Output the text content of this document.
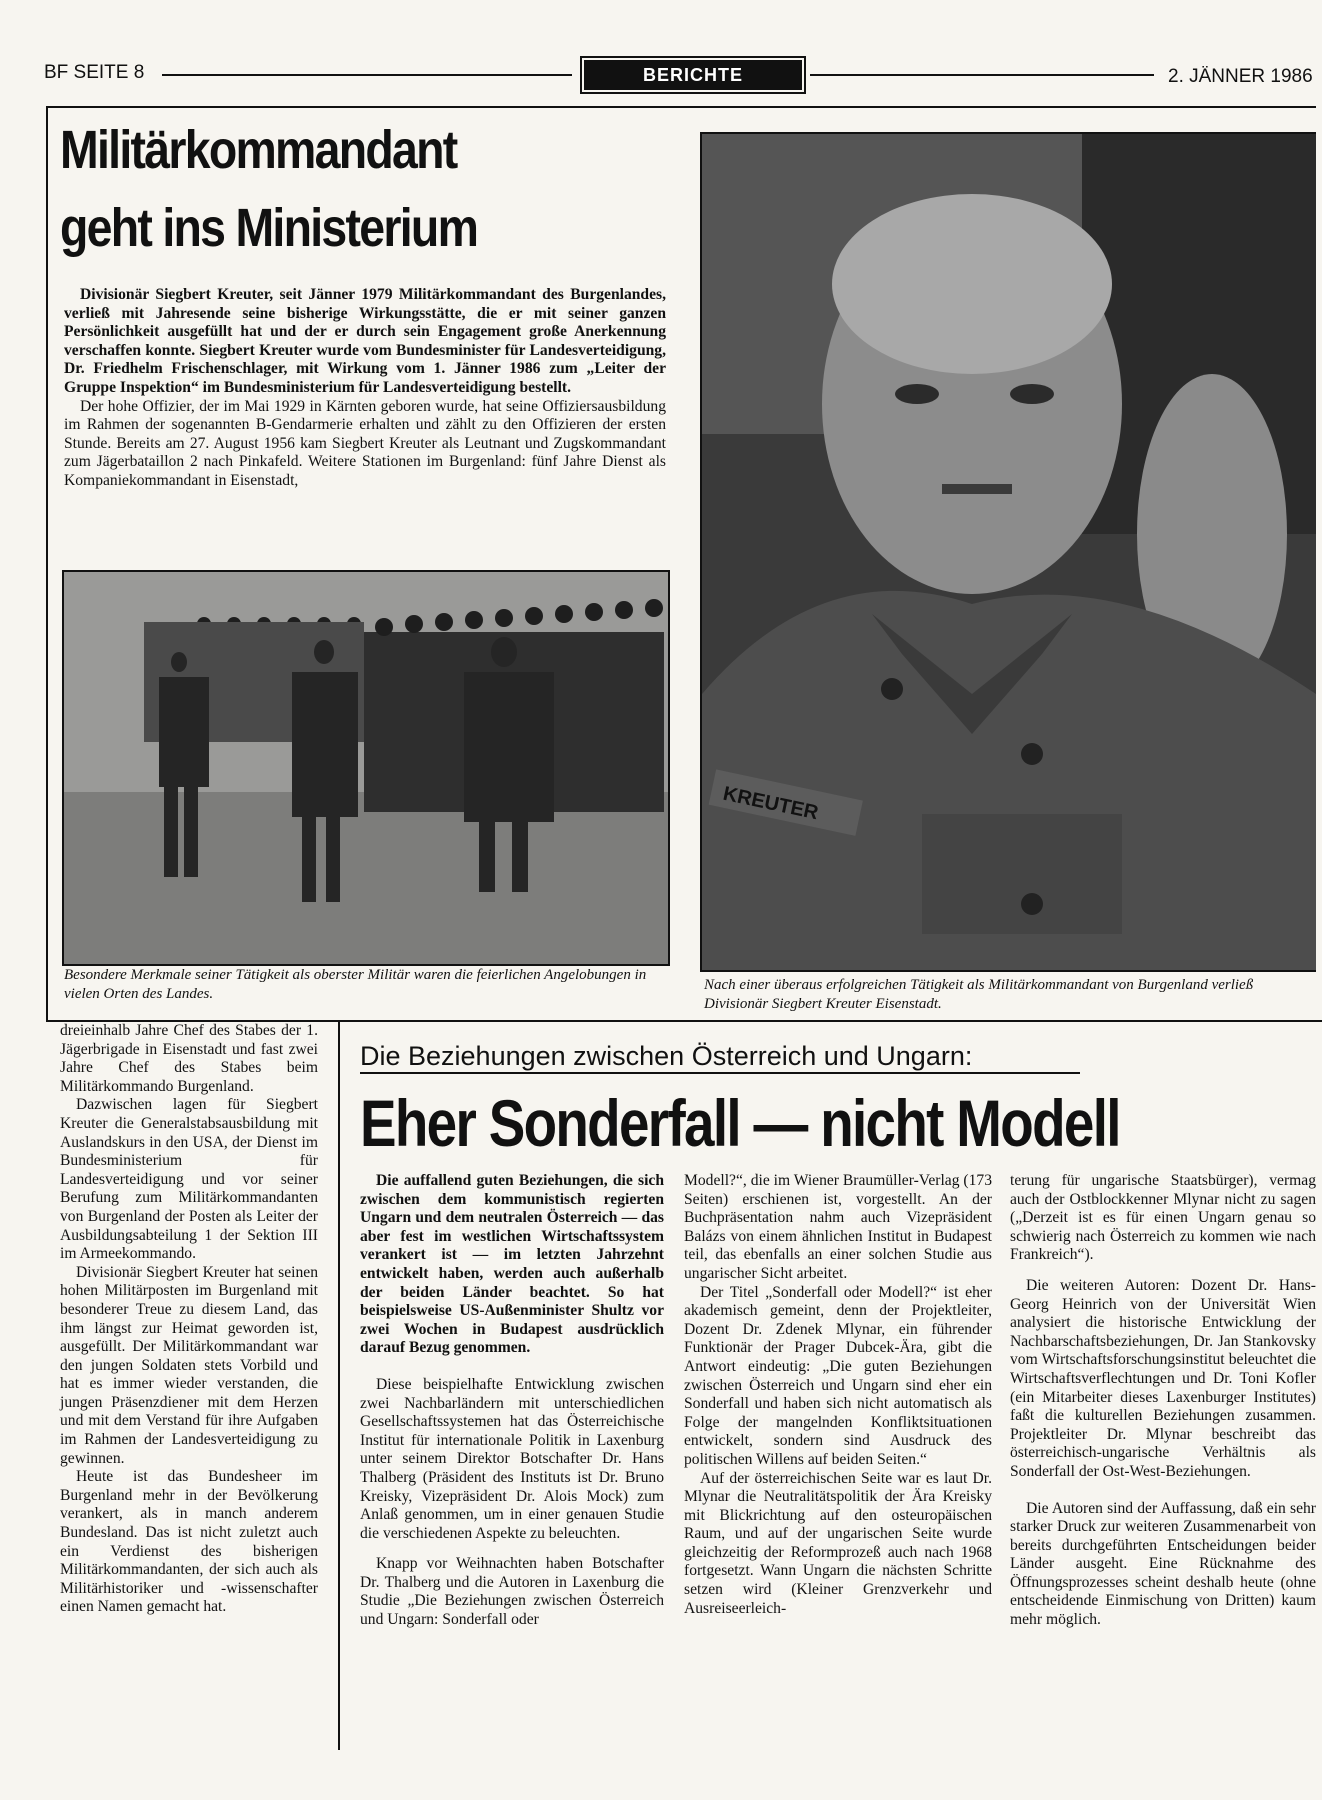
BF SEITE 8	BERICHTE	2. JÄNNER 1986
Militärkommandant
geht ins Ministerium

Divisionär Siegbert Kreuter, seit Jänner 1979 Militärkommandant des Burgenlandes, verließ mit Jahresende seine bisherige Wirkungsstätte, die er mit seiner ganzen Persönlichkeit ausgefüllt hat und der er durch sein Engagement große Anerkennung verschaffen konnte. Siegbert Kreuter wurde vom Bundesminister für Landesverteidigung, Dr. Friedhelm Frischenschlager, mit Wirkung vom 1. Jänner 1986 zum „Leiter der Gruppe Inspektion“ im Bundesministerium für Landesverteidigung bestellt.

Der hohe Offizier, der im Mai 1929 in Kärnten geboren wurde, hat seine Offiziersausbildung im Rahmen der sogenannten B-Gendarmerie erhalten und zählt zu den Offizieren der ersten Stunde. Bereits am 27. August 1956 kam Siegbert Kreuter als Leutnant und Zugskommandant zum Jägerbataillon 2 nach Pinkafeld. Weitere Stationen im Burgenland: fünf Jahre Dienst als Kompaniekommandant in Eisenstadt,

Besondere Merkmale seiner Tätigkeit als oberster Militär waren die feierlichen Angelobungen in vielen Orten des Landes.

KREUTER

Nach einer überaus erfolgreichen Tätigkeit als Militärkommandant von Burgenland verließ Divisionär Siegbert Kreuter Eisenstadt.

dreieinhalb Jahre Chef des Stabes der 1. Jägerbrigade in Eisenstadt und fast zwei Jahre Chef des Stabes beim Militärkommando Burgenland.

Dazwischen lagen für Siegbert Kreuter die Generalstabsausbildung mit Auslandskurs in den USA, der Dienst im Bundesministerium für Landesverteidigung und vor seiner Berufung zum Militärkommandanten von Burgenland der Posten als Leiter der Ausbildungsabteilung 1 der Sektion III im Armeekommando.

Divisionär Siegbert Kreuter hat seinen hohen Militärposten im Burgenland mit besonderer Treue zu diesem Land, das ihm längst zur Heimat geworden ist, ausgefüllt. Der Militärkommandant war den jungen Soldaten stets Vorbild und hat es immer wieder verstanden, die jungen Präsenzdiener mit dem Herzen und mit dem Verstand für ihre Aufgaben im Rahmen der Landesverteidigung zu gewinnen.

Heute ist das Bundesheer im Burgenland mehr in der Bevölkerung verankert, als in manch anderem Bundesland. Das ist nicht zuletzt auch ein Verdienst des bisherigen Militärkommandanten, der sich auch als Militärhistoriker und -wissenschafter einen Namen gemacht hat.

Die Beziehungen zwischen Österreich und Ungarn:
Eher Sonderfall — nicht Modell

Die auffallend guten Beziehungen, die sich zwischen dem kommunistisch regierten Ungarn und dem neutralen Österreich — das aber fest im westlichen Wirtschaftssystem verankert ist — im letzten Jahrzehnt entwickelt haben, werden auch außerhalb der beiden Länder beachtet. So hat beispielsweise US-Außenminister Shultz vor zwei Wochen in Budapest ausdrücklich darauf Bezug genommen.

Diese beispielhafte Entwicklung zwischen zwei Nachbarländern mit unterschiedlichen Gesellschaftssystemen hat das Österreichische Institut für internationale Politik in Laxenburg unter seinem Direktor Botschafter Dr. Hans Thalberg (Präsident des Instituts ist Dr. Bruno Kreisky, Vizepräsident Dr. Alois Mock) zum Anlaß genommen, um in einer genauen Studie die verschiedenen Aspekte zu beleuchten.

Knapp vor Weihnachten haben Botschafter Dr. Thalberg und die Autoren in Laxenburg die Studie „Die Beziehungen zwischen Österreich und Ungarn: Sonderfall oder

Modell?“, die im Wiener Braumüller-Verlag (173 Seiten) erschienen ist, vorgestellt. An der Buchpräsentation nahm auch Vizepräsident Balázs von einem ähnlichen Institut in Budapest teil, das ebenfalls an einer solchen Studie aus ungarischer Sicht arbeitet.

Der Titel „Sonderfall oder Modell?“ ist eher akademisch gemeint, denn der Projektleiter, Dozent Dr. Zdenek Mlynar, ein führender Funktionär der Prager Dubcek-Ära, gibt die Antwort eindeutig: „Die guten Beziehungen zwischen Österreich und Ungarn sind eher ein Sonderfall und haben sich nicht automatisch als Folge der mangelnden Konfliktsituationen entwickelt, sondern sind Ausdruck des politischen Willens auf beiden Seiten.“

Auf der österreichischen Seite war es laut Dr. Mlynar die Neutralitätspolitik der Ära Kreisky mit Blickrichtung auf den osteuropäischen Raum, und auf der ungarischen Seite wurde gleichzeitig der Reformprozeß auch nach 1968 fortgesetzt. Wann Ungarn die nächsten Schritte setzen wird (Kleiner Grenzverkehr und Ausreiseerleich-

terung für ungarische Staatsbürger), vermag auch der Ostblockkenner Mlynar nicht zu sagen („Derzeit ist es für einen Ungarn genau so schwierig nach Österreich zu kommen wie nach Frankreich“).

Die weiteren Autoren: Dozent Dr. Hans-Georg Heinrich von der Universität Wien analysiert die historische Entwicklung der Nachbarschaftsbeziehungen, Dr. Jan Stankovsky vom Wirtschaftsforschungsinstitut beleuchtet die Wirtschaftsverflechtungen und Dr. Toni Kofler (ein Mitarbeiter dieses Laxenburger Institutes) faßt die kulturellen Beziehungen zusammen. Projektleiter Dr. Mlynar beschreibt das österreichisch-ungarische Verhältnis als Sonderfall der Ost-West-Beziehungen.

Die Autoren sind der Auffassung, daß ein sehr starker Druck zur weiteren Zusammenarbeit von bereits durchgeführten Entscheidungen beider Länder ausgeht. Eine Rücknahme des Öffnungsprozesses scheint deshalb heute (ohne entscheidende Einmischung von Dritten) kaum mehr möglich.
